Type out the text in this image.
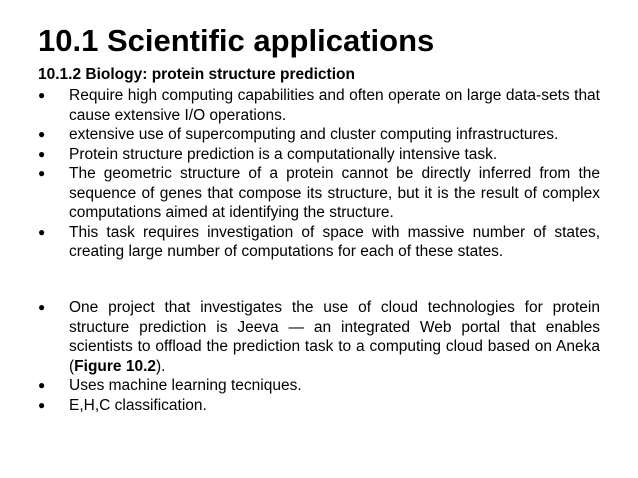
10.1 Scientific applications
10.1.2 Biology: protein structure prediction
●	Require high computing capabilities and often operate on large data-sets that cause extensive I/O operations.
●	extensive use of supercomputing and cluster computing infrastructures.
●	Protein structure prediction is a computationally intensive task.
●	The geometric structure of a protein cannot be directly inferred from the sequence of genes that compose its structure, but it is the result of complex computations aimed at identifying the structure.
●	This task requires investigation of space with massive number of states, creating large number of computations for each of these states.
●	One project that investigates the use of cloud technologies for protein structure prediction is Jeeva — an integrated Web portal that enables scientists to offload the prediction task to a computing cloud based on Aneka (Figure 10.2).
●	Uses machine learning tecniques.
●	E,H,C classification.
